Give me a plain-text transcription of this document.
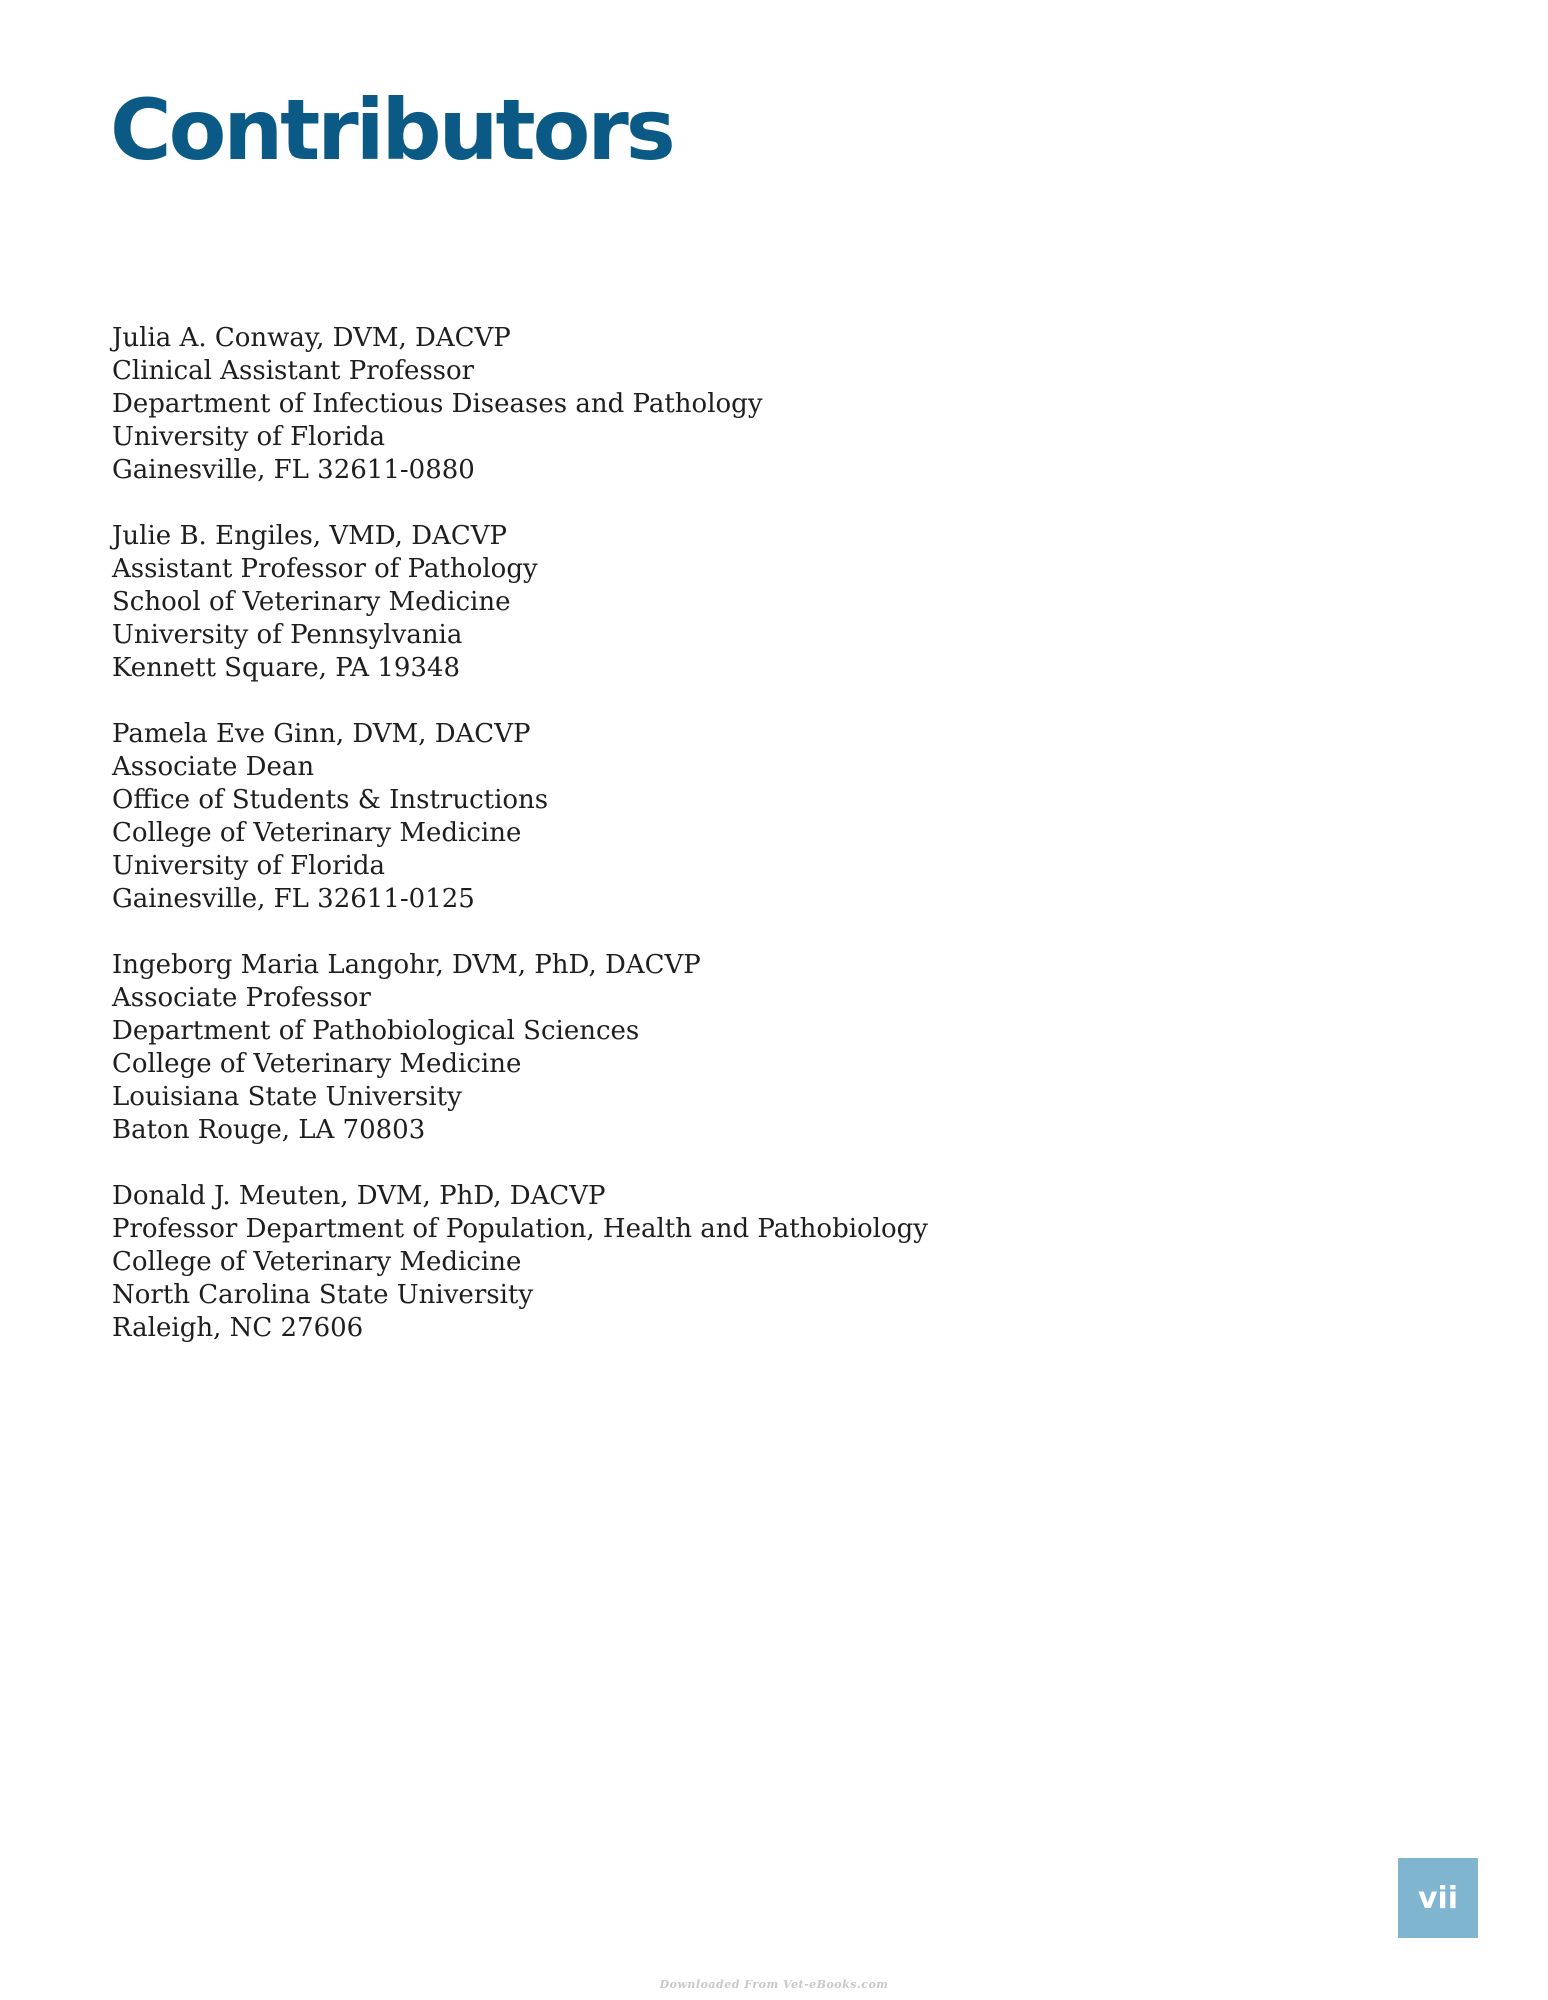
Contributors
Julia A. Conway, DVM, DACVP
Clinical Assistant Professor
Department of Infectious Diseases and Pathology
University of Florida
Gainesville, FL 32611-0880
Julie B. Engiles, VMD, DACVP
Assistant Professor of Pathology
School of Veterinary Medicine
University of Pennsylvania
Kennett Square, PA 19348
Pamela Eve Ginn, DVM, DACVP
Associate Dean
Office of Students & Instructions
College of Veterinary Medicine
University of Florida
Gainesville, FL 32611-0125
Ingeborg Maria Langohr, DVM, PhD, DACVP
Associate Professor
Department of Pathobiological Sciences
College of Veterinary Medicine
Louisiana State University
Baton Rouge, LA 70803
Donald J. Meuten, DVM, PhD, DACVP
Professor Department of Population, Health and Pathobiology
College of Veterinary Medicine
North Carolina State University
Raleigh, NC 27606
vii
Downloaded From Vet-eBooks.com
